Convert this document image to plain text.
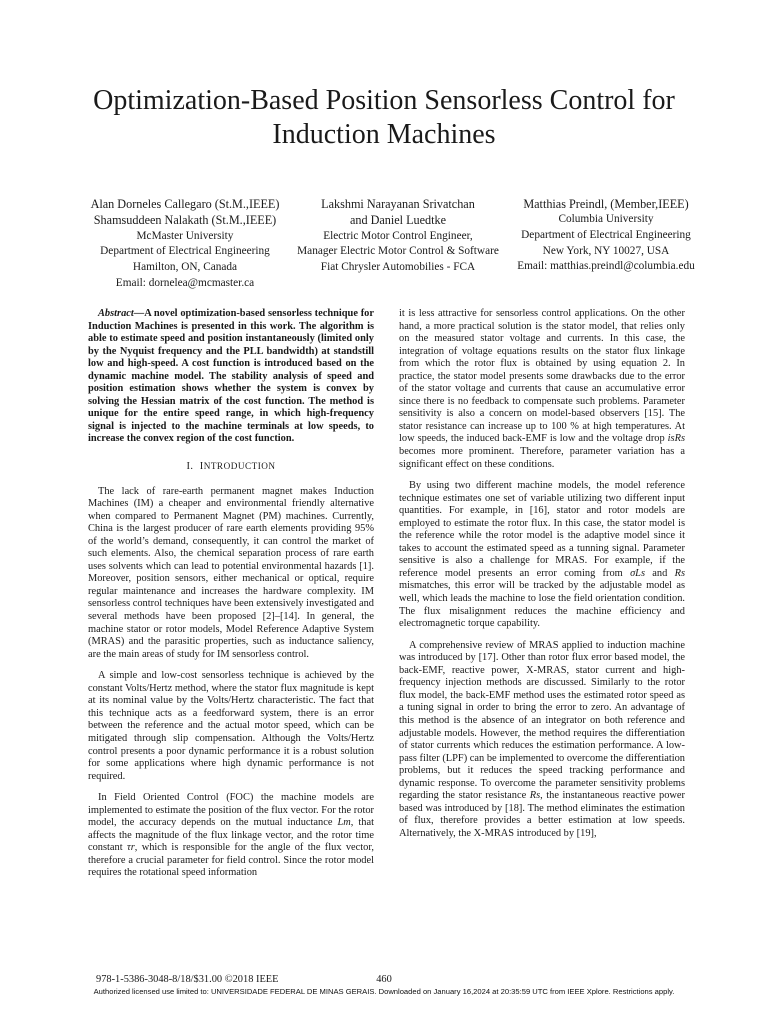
Optimization-Based Position Sensorless Control for Induction Machines
Alan Dorneles Callegaro (St.M.,IEEE)
Shamsuddeen Nalakath (St.M.,IEEE)
McMaster University
Department of Electrical Engineering
Hamilton, ON, Canada
Email: dornelea@mcmaster.ca
Lakshmi Narayanan Srivatchan
and Daniel Luedtke
Electric Motor Control Engineer,
Manager Electric Motor Control & Software
Fiat Chrysler Automobilies - FCA
Matthias Preindl, (Member,IEEE)
Columbia University
Department of Electrical Engineering
New York, NY 10027, USA
Email: matthias.preindl@columbia.edu

Abstract—A novel optimization-based sensorless technique for Induction Machines is presented in this work. The algorithm is able to estimate speed and position instantaneously (limited only by the Nyquist frequency and the PLL bandwidth) at standstill low and high-speed. A cost function is introduced based on the dynamic machine model. The stability analysis of speed and position estimation shows whether the system is convex by solving the Hessian matrix of the cost function. The method is unique for the entire speed range, in which high-frequency signal is injected to the machine terminals at low speeds, to increase the convex region of the cost function.

I. INTRODUCTION

The lack of rare-earth permanent magnet makes Induction Machines (IM) a cheaper and environmental friendly alternative when compared to Permanent Magnet (PM) machines. Currently, China is the largest producer of rare earth elements providing 95% of the world’s demand, consequently, it can control the market of such elements. Also, the chemical separation process of rare earth uses solvents which can lead to potential environmental hazards [1]. Moreover, position sensors, either mechanical or optical, require regular maintenance and increases the hardware complexity. IM sensorless control techniques have been extensively investigated and several methods have been proposed [2]–[14]. In general, the machine stator or rotor models, Model Reference Adaptive System (MRAS) and the parasitic properties, such as inductance saliency, are the main areas of study for IM sensorless control.

A simple and low-cost sensorless technique is achieved by the constant Volts/Hertz method, where the stator flux magnitude is kept at its nominal value by the Volts/Hertz characteristic. The fact that this technique acts as a feedforward system, there is an error between the reference and the actual motor speed, which can be mitigated through slip compensation. Although the Volts/Hertz control presents a poor dynamic performance it is a robust solution for some applications where high dynamic performance is not required.

In Field Oriented Control (FOC) the machine models are implemented to estimate the position of the flux vector. For the rotor model, the accuracy depends on the mutual inductance Lm, that affects the magnitude of the flux linkage vector, and the rotor time constant τr, which is responsible for the angle of the flux vector, therefore a crucial parameter for field control. Since the rotor model requires the rotational speed information

it is less attractive for sensorless control applications. On the other hand, a more practical solution is the stator model, that relies only on the measured stator voltage and currents. In this case, the integration of voltage equations results on the stator flux linkage from which the rotor flux is obtained by using equation 2. In practice, the stator model presents some drawbacks due to the error of the stator voltage and currents that cause an accumulative error since there is no feedback to compensate such problems. Parameter sensitivity is also a concern on model-based observers [15]. The stator resistance can increase up to 100 % at high temperatures. At low speeds, the induced back-EMF is low and the voltage drop isRs becomes more prominent. Therefore, parameter variation has a significant effect on these conditions.

By using two different machine models, the model reference technique estimates one set of variable utilizing two different input quantities. For example, in [16], stator and rotor models are employed to estimate the rotor flux. In this case, the stator model is the reference while the rotor model is the adaptive model since it takes to account the estimated speed as a tunning signal. Parameter sensitive is also a challenge for MRAS. For example, if the reference model presents an error coming from σLs and Rs mismatches, this error will be tracked by the adjustable model as well, which leads the machine to lose the field orientation condition. The flux misalignment reduces the machine efficiency and electromagnetic torque capability.

A comprehensive review of MRAS applied to induction machine was introduced by [17]. Other than rotor flux error based model, the back-EMF, reactive power, X-MRAS, stator current and high-frequency injection methods are discussed. Similarly to the rotor flux model, the back-EMF method uses the estimated rotor speed as a tuning signal in order to bring the error to zero. An advantage of this method is the absence of an integrator on both reference and adjustable models. However, the method requires the differentiation of stator currents which reduces the estimation performance. A low-pass filter (LPF) can be implemented to overcome the differentiation problems, but it reduces the speed tracking performance and dynamic response. To overcome the parameter sensitivity problems regarding the stator resistance Rs, the instantaneous reactive power based was introduced by [18]. The method eliminates the estimation of flux, therefore provides a better estimation at low speeds. Alternatively, the X-MRAS introduced by [19],

978-1-5386-3048-8/18/$31.00 ©2018 IEEE	460
Authorized licensed use limited to: UNIVERSIDADE FEDERAL DE MINAS GERAIS. Downloaded on January 16,2024 at 20:35:59 UTC from IEEE Xplore. Restrictions apply.
